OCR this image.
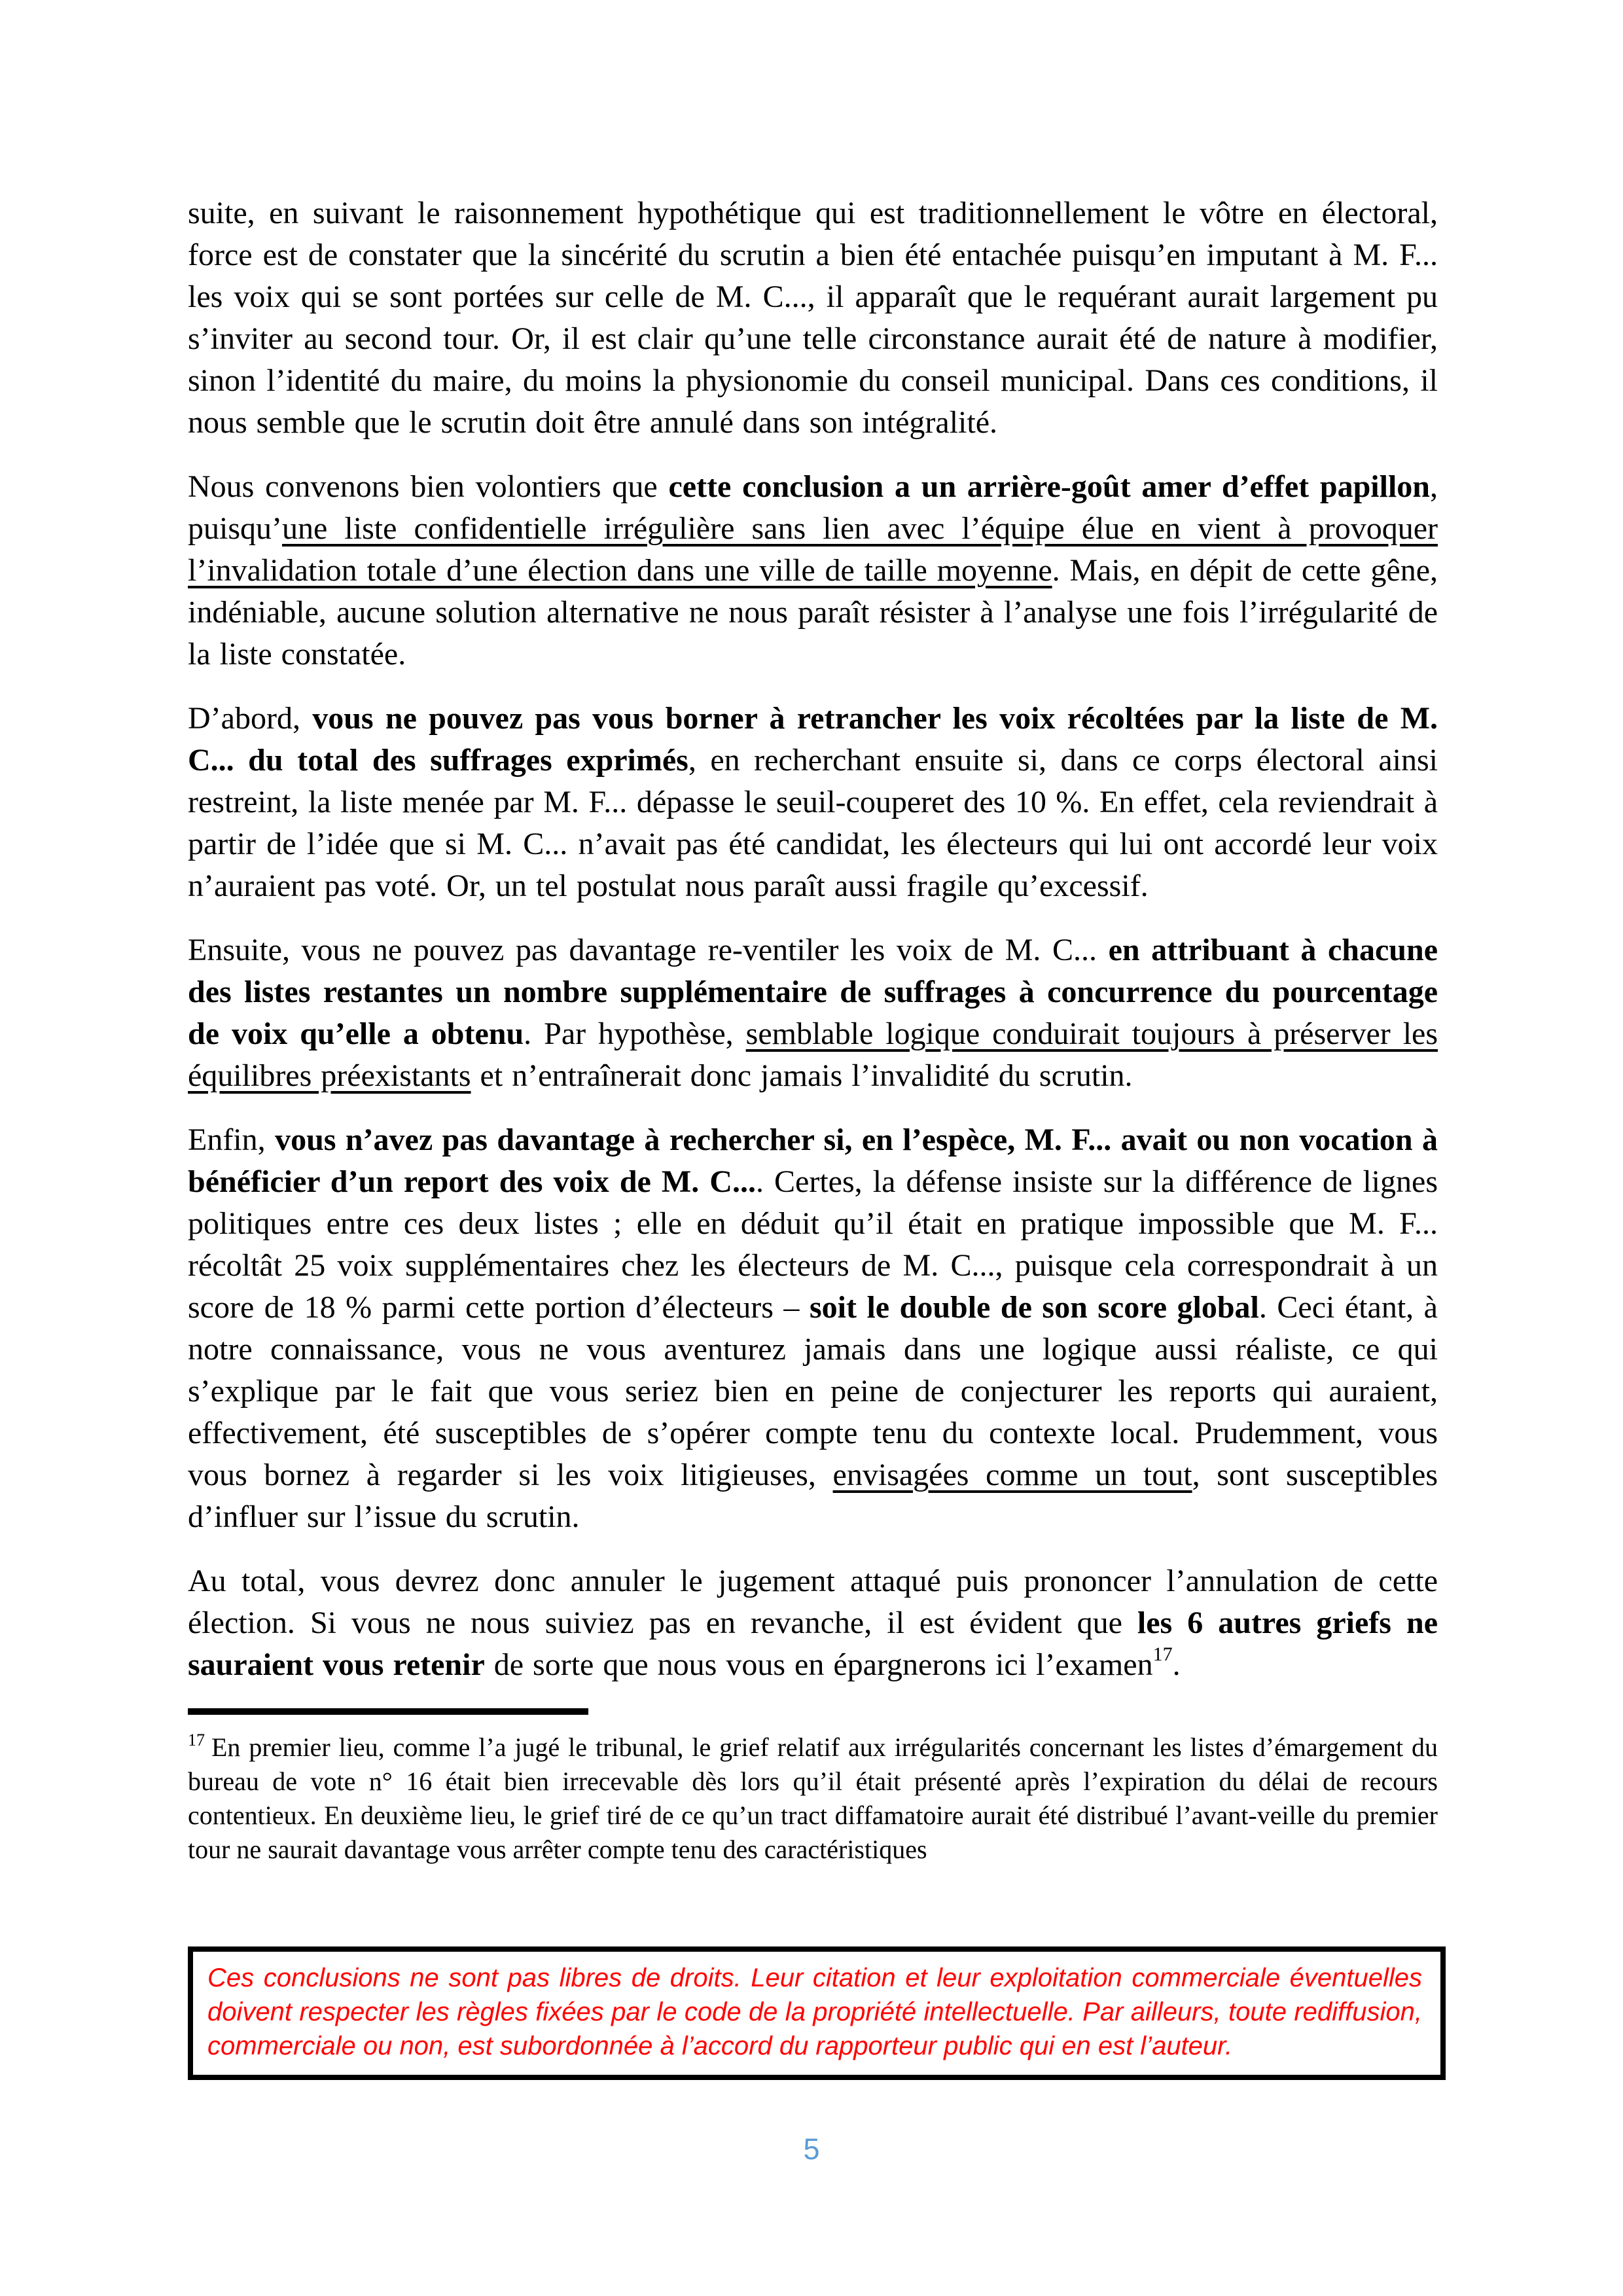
suite, en suivant le raisonnement hypothétique qui est traditionnellement le vôtre en électoral, force est de constater que la sincérité du scrutin a bien été entachée puisqu’en imputant à M. F... les voix qui se sont portées sur celle de M. C..., il apparaît que le requérant aurait largement pu s’inviter au second tour. Or, il est clair qu’une telle circonstance aurait été de nature à modifier, sinon l’identité du maire, du moins la physionomie du conseil municipal. Dans ces conditions, il nous semble que le scrutin doit être annulé dans son intégralité.

Nous convenons bien volontiers que cette conclusion a un arrière-goût amer d’effet papillon, puisqu’une liste confidentielle irrégulière sans lien avec l’équipe élue en vient à provoquer l’invalidation totale d’une élection dans une ville de taille moyenne. Mais, en dépit de cette gêne, indéniable, aucune solution alternative ne nous paraît résister à l’analyse une fois l’irrégularité de la liste constatée.

D’abord, vous ne pouvez pas vous borner à retrancher les voix récoltées par la liste de M. C... du total des suffrages exprimés, en recherchant ensuite si, dans ce corps électoral ainsi restreint, la liste menée par M. F... dépasse le seuil-couperet des 10 %. En effet, cela reviendrait à partir de l’idée que si M. C... n’avait pas été candidat, les électeurs qui lui ont accordé leur voix n’auraient pas voté. Or, un tel postulat nous paraît aussi fragile qu’excessif.

Ensuite, vous ne pouvez pas davantage re-ventiler les voix de M. C... en attribuant à chacune des listes restantes un nombre supplémentaire de suffrages à concurrence du pourcentage de voix qu’elle a obtenu. Par hypothèse, semblable logique conduirait toujours à préserver les équilibres préexistants et n’entraînerait donc jamais l’invalidité du scrutin.

Enfin, vous n’avez pas davantage à rechercher si, en l’espèce, M. F... avait ou non vocation à bénéficier d’un report des voix de M. C.... Certes, la défense insiste sur la différence de lignes politiques entre ces deux listes ; elle en déduit qu’il était en pratique impossible que M. F... récoltât 25 voix supplémentaires chez les électeurs de M. C..., puisque cela correspondrait à un score de 18 % parmi cette portion d’électeurs – soit le double de son score global. Ceci étant, à notre connaissance, vous ne vous aventurez jamais dans une logique aussi réaliste, ce qui s’explique par le fait que vous seriez bien en peine de conjecturer les reports qui auraient, effectivement, été susceptibles de s’opérer compte tenu du contexte local. Prudemment, vous vous bornez à regarder si les voix litigieuses, envisagées comme un tout, sont susceptibles d’influer sur l’issue du scrutin.

Au total, vous devrez donc annuler le jugement attaqué puis prononcer l’annulation de cette élection. Si vous ne nous suiviez pas en revanche, il est évident que les 6 autres griefs ne sauraient vous retenir de sorte que nous vous en épargnerons ici l’examen$^{17}$.

$^{17}$ En premier lieu, comme l’a jugé le tribunal, le grief relatif aux irrégularités concernant les listes d’émargement du bureau de vote n° 16 était bien irrecevable dès lors qu’il était présenté après l’expiration du délai de recours contentieux. En deuxième lieu, le grief tiré de ce qu’un tract diffamatoire aurait été distribué l’avant-veille du premier tour ne saurait davantage vous arrêter compte tenu des caractéristiques

Ces conclusions ne sont pas libres de droits. Leur citation et leur exploitation commerciale éventuelles doivent respecter les règles fixées par le code de la propriété intellectuelle. Par ailleurs, toute rediffusion, commerciale ou non, est subordonnée à l’accord du rapporteur public qui en est l’auteur.

5
